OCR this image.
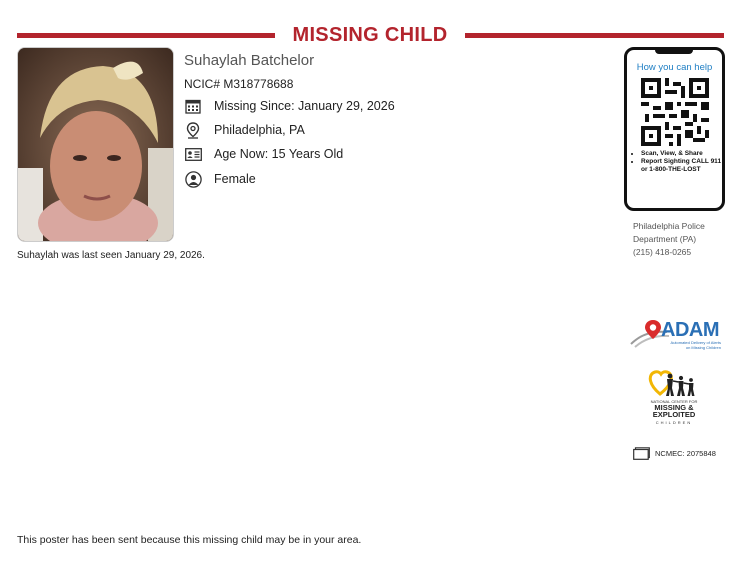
MISSING CHILD
Suhaylah Batchelor
NCIC# M318778688
Missing Since: January 29, 2026
Philadelphia, PA
Age Now: 15 Years Old
Female
Suhaylah was last seen January 29, 2026.
How you can help
• Scan, View, & Share
• Report Sighting CALL 911 or 1-800-THE-LOST
Philadelphia Police
Department (PA)
(215) 418-0265
ADAM
Automated Delivery of Alerts
on Missing Children
NATIONAL CENTER FOR
MISSING &
EXPLOITED
CHILDREN
NCMEC: 2075848
This poster has been sent because this missing child may be in your area.
